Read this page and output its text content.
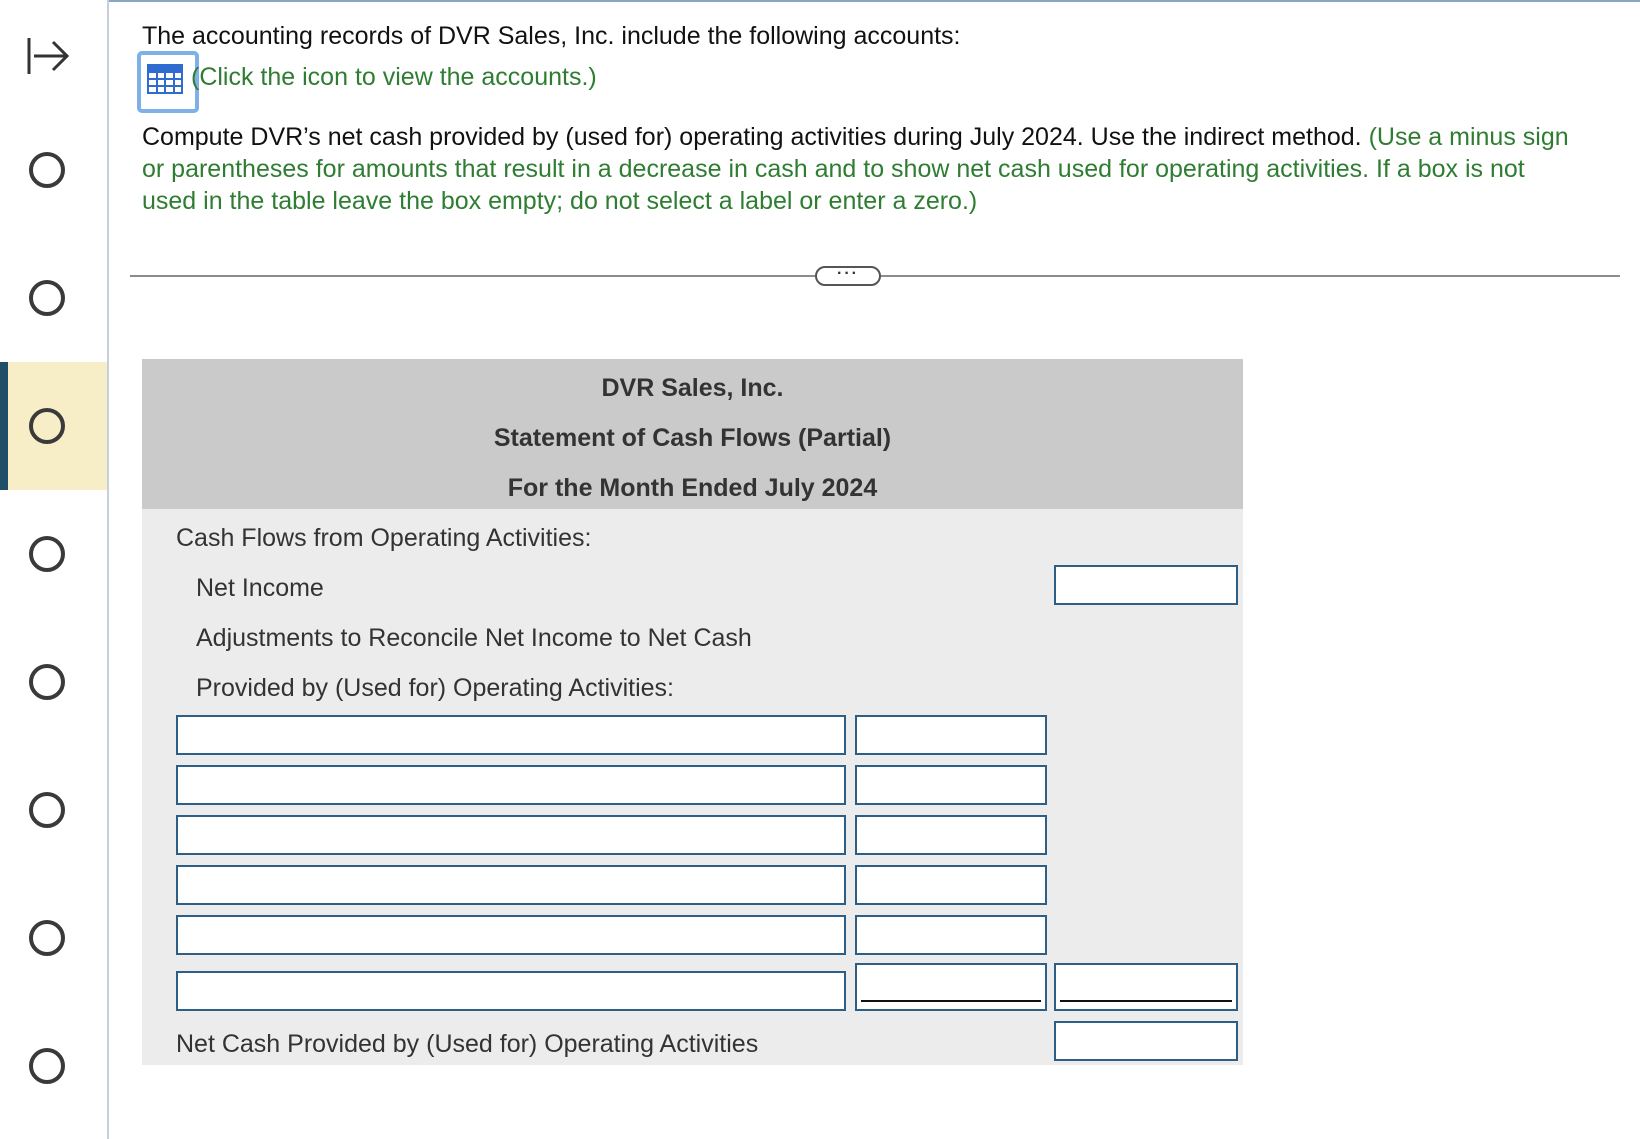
The accounting records of DVR Sales, Inc. include the following accounts:
(Click the icon to view the accounts.)
Compute DVR’s net cash provided by (used for) operating activities during July 2024. Use the indirect method. (Use a minus sign or parentheses for amounts that result in a decrease in cash and to show net cash used for operating activities. If a box is not used in the table leave the box empty; do not select a label or enter a zero.)
···
DVR Sales, Inc.
Statement of Cash Flows (Partial)
For the Month Ended July 2024
Cash Flows from Operating Activities:
Net Income
Adjustments to Reconcile Net Income to Net Cash
Provided by (Used for) Operating Activities:
Net Cash Provided by (Used for) Operating Activities
